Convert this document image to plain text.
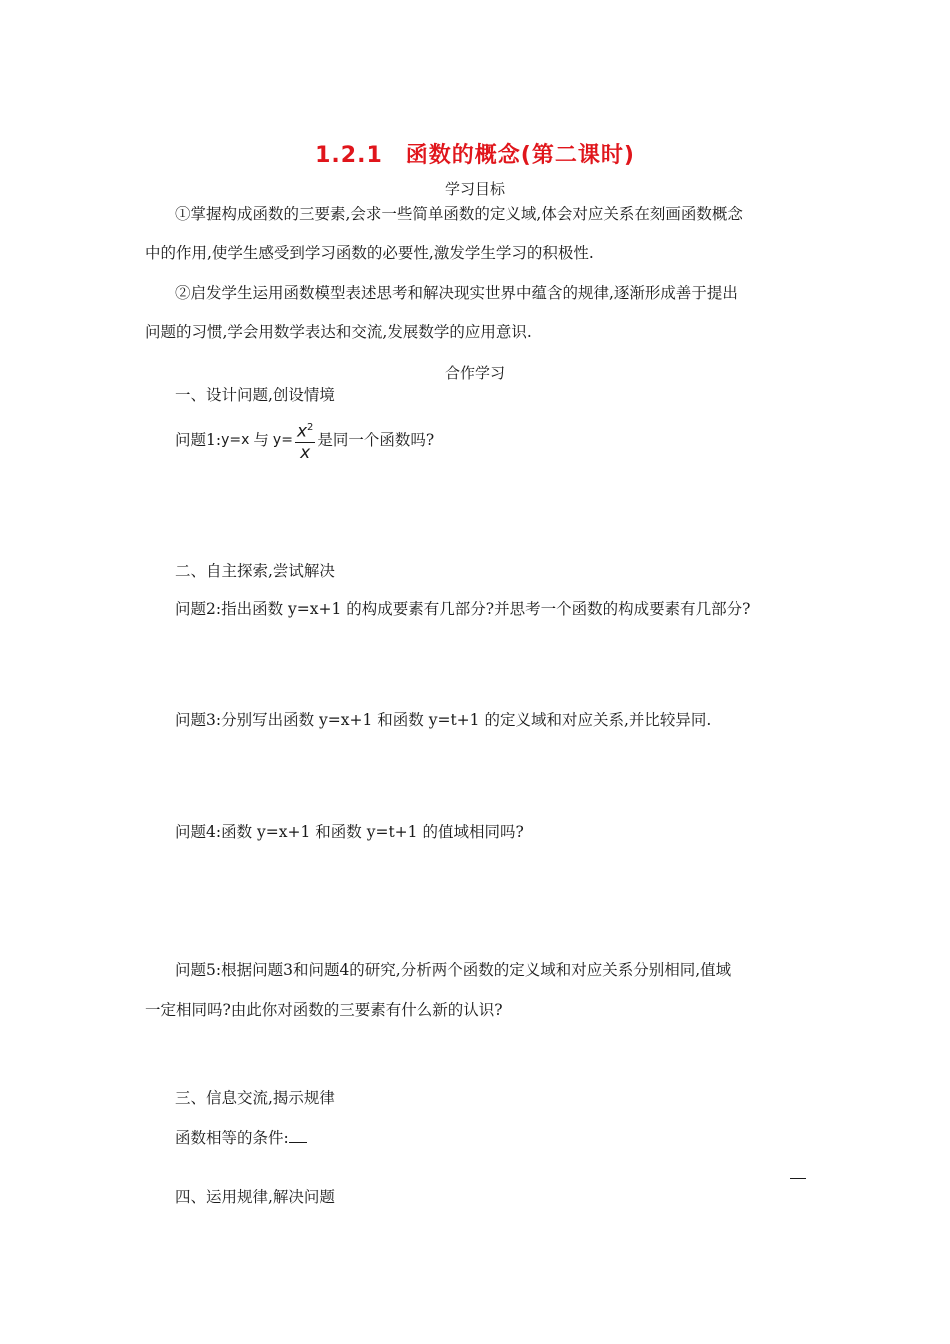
1.2.1　函数的概念(第二课时)
学习目标
①掌握构成函数的三要素,会求一些简单函数的定义域,体会对应关系在刻画函数概念
中的作用,使学生感受到学习函数的必要性,激发学生学习的积极性.
②启发学生运用函数模型表述思考和解决现实世界中蕴含的规律,逐渐形成善于提出
问题的习惯,学会用数学表达和交流,发展数学的应用意识.
合作学习
一、设计问题,创设情境
问题1: y=x 与 $y= \frac{x^2}{x}$ 是同一个函数吗?
二、自主探索,尝试解决
问题2:指出函数 y=x+1 的构成要素有几部分?并思考一个函数的构成要素有几部分?
问题3:分别写出函数 y=x+1 和函数 y=t+1 的定义域和对应关系,并比较异同.
问题4:函数 y=x+1 和函数 y=t+1 的值域相同吗?
问题5:根据问题3和问题4的研究,分析两个函数的定义域和对应关系分别相同,值域
一定相同吗?由此你对函数的三要素有什么新的认识?
三、信息交流,揭示规律
函数相等的条件:
四、运用规律,解决问题
